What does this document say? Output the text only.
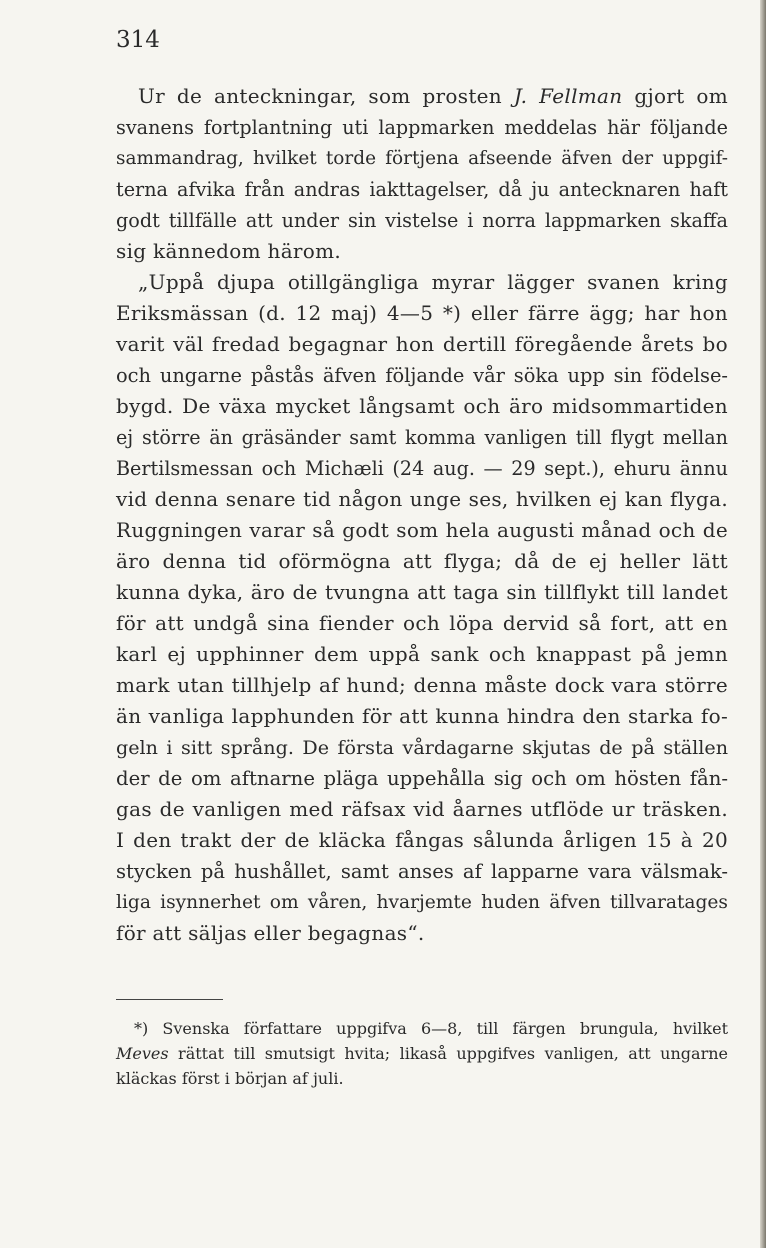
314
Ur de anteckningar, som prosten J. Fellman gjort om
svanens fortplantning uti lappmarken meddelas här följande
sammandrag, hvilket torde förtjena afseende äfven der uppgif-
terna afvika från andras iakttagelser, då ju antecknaren haft
godt tillfälle att under sin vistelse i norra lappmarken skaffa
sig kännedom härom.
„Uppå djupa otillgängliga myrar lägger svanen kring
Eriksmässan (d. 12 maj) 4—5 *) eller färre ägg; har hon
varit väl fredad begagnar hon dertill föregående årets bo
och ungarne påstås äfven följande vår söka upp sin födelse-
bygd. De växa mycket långsamt och äro midsommartiden
ej större än gräsänder samt komma vanligen till flygt mellan
Bertilsmessan och Michæli (24 aug. — 29 sept.), ehuru ännu
vid denna senare tid någon unge ses, hvilken ej kan flyga.
Ruggningen varar så godt som hela augusti månad och de
äro denna tid oförmögna att flyga; då de ej heller lätt
kunna dyka, äro de tvungna att taga sin tillflykt till landet
för att undgå sina fiender och löpa dervid så fort, att en
karl ej upphinner dem uppå sank och knappast på jemn
mark utan tillhjelp af hund; denna måste dock vara större
än vanliga lapphunden för att kunna hindra den starka fo-
geln i sitt språng. De första vårdagarne skjutas de på ställen
der de om aftnarne pläga uppehålla sig och om hösten fån-
gas de vanligen med räfsax vid åarnes utflöde ur träsken.
I den trakt der de kläcka fångas sålunda årligen 15 à 20
stycken på hushållet, samt anses af lapparne vara välsmak-
liga isynnerhet om våren, hvarjemte huden äfven tillvaratages
för att säljas eller begagnas“.
*) Svenska författare uppgifva 6—8, till färgen brungula, hvilket
Meves rättat till smutsigt hvita; likaså uppgifves vanligen, att ungarne
kläckas först i början af juli.
